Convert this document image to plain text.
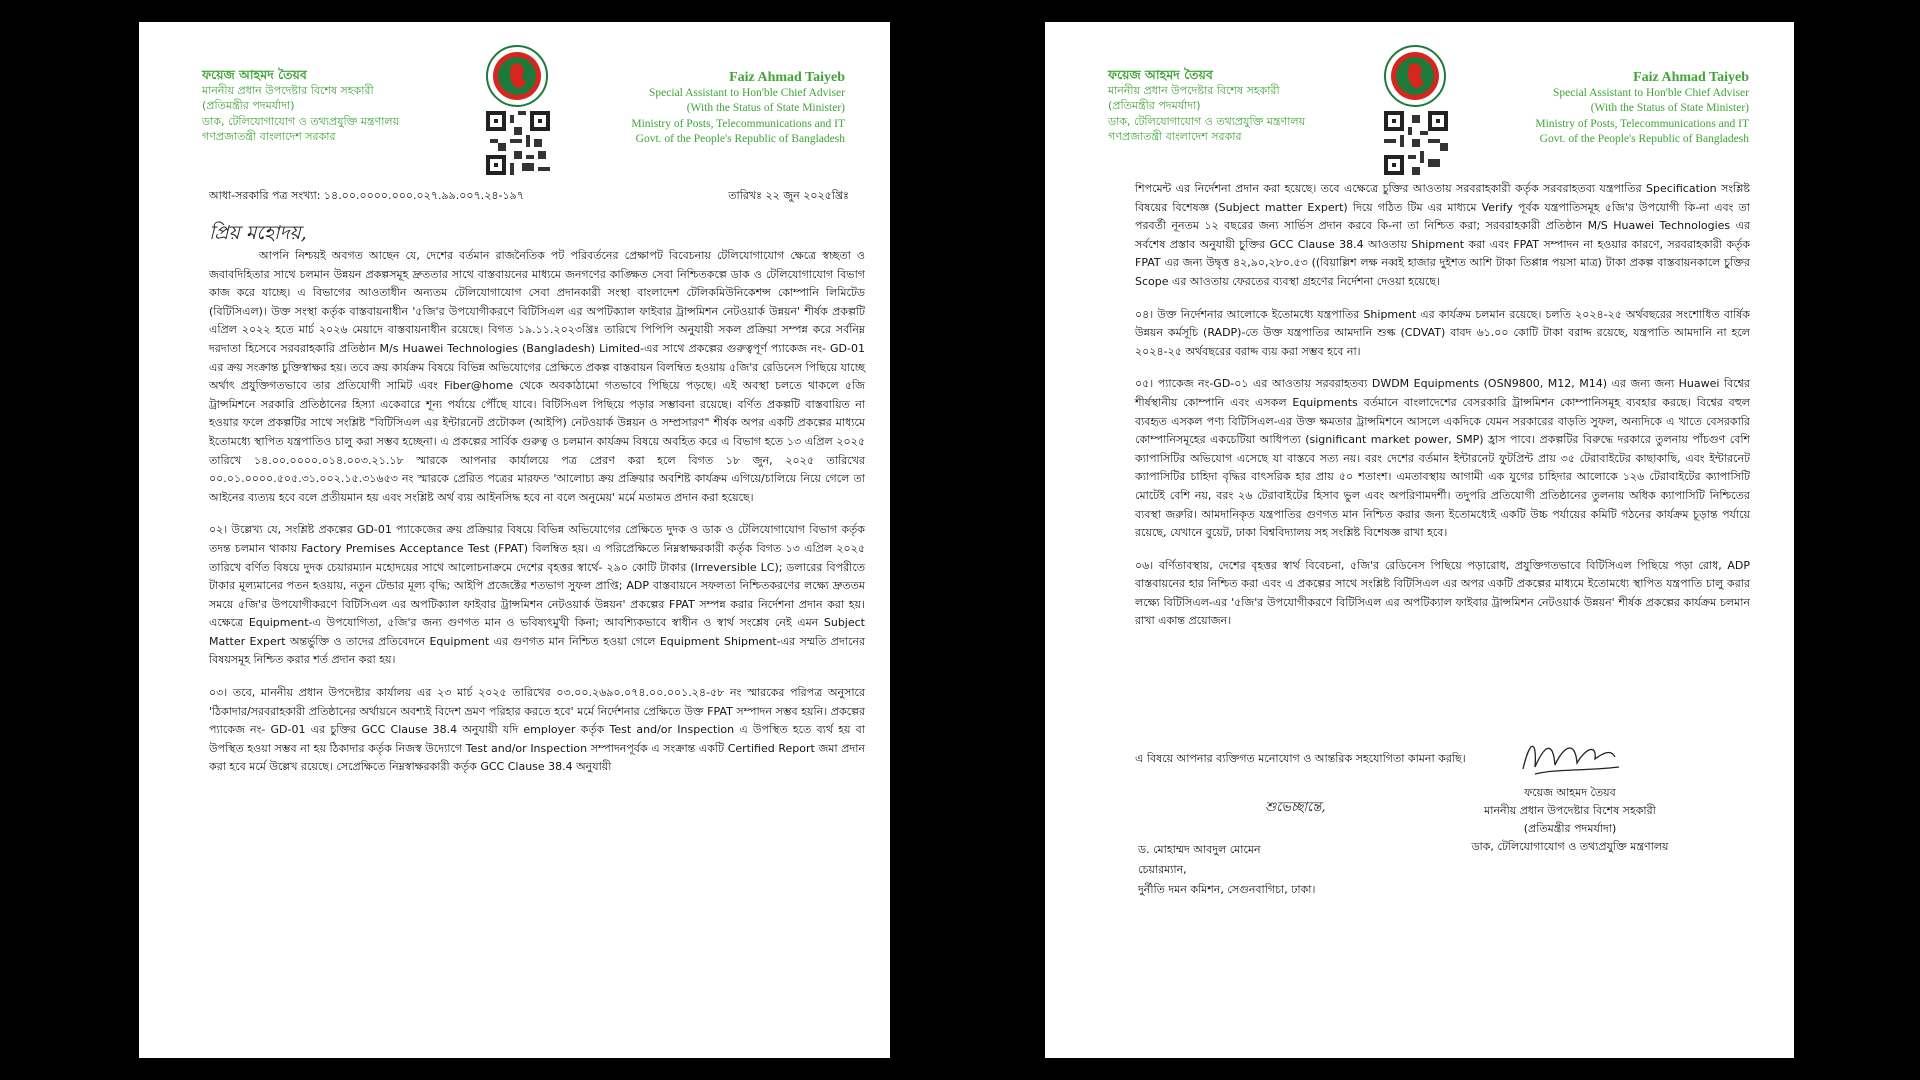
ফয়েজ আহমদ তৈয়ব
মাননীয় প্রধান উপদেষ্টার বিশেষ সহকারী
(প্রতিমন্ত্রীর পদমর্যাদা)
ডাক, টেলিযোগাযোগ ও তথ্যপ্রযুক্তি মন্ত্রণালয়
গণপ্রজাতন্ত্রী বাংলাদেশ সরকার
Faiz Ahmad Taiyeb
Special Assistant to Hon'ble Chief Adviser
(With the Status of State Minister)
Ministry of Posts, Telecommunications and IT
Govt. of the People's Republic of Bangladesh
আধা-সরকারি পত্র সংখ্যা: ১৪.০০.০০০০.০০০.০২৭.৯৯.০০৭.২৪-১৯৭	তারিখঃ ২২ জুন ২০২৫খ্রিঃ
প্রিয় মহোদয়,

আপনি নিশ্চয়ই অবগত আছেন যে, দেশের বর্তমান রাজনৈতিক পট পরিবর্তনের প্রেক্ষাপট বিবেচনায় টেলিযোগাযোগ ক্ষেত্রে স্বচ্ছতা ও জবাবদিহিতার সাথে চলমান উন্নয়ন প্রকল্পসমূহ দ্রুততার সাথে বাস্তবায়নের মাধ্যমে জনগণের কাঙ্ক্ষিত সেবা নিশ্চিতকল্পে ডাক ও টেলিযোগাযোগ বিভাগ কাজ করে যাচ্ছে। এ বিভাগের আওতাধীন অন্যতম টেলিযোগাযোগ সেবা প্রদানকারী সংস্থা বাংলাদেশ টেলিকমিউনিকেশন্স কোম্পানি লিমিটেড (বিটিসিএল)। উক্ত সংস্থা কর্তৃক বাস্তবায়নাধীন '৫জি'র উপযোগীকরণে বিটিসিএল এর অপটিক্যাল ফাইবার ট্রান্সমিশন নেটওয়ার্ক উন্নয়ন' শীর্ষক প্রকল্পটি এপ্রিল ২০২২ হতে মার্চ ২০২৬ মেয়াদে বাস্তবায়নাধীন রয়েছে। বিগত ১৯.১১.২০২৩খ্রিঃ তারিখে পিপিপি অনুযায়ী সকল প্রক্রিয়া সম্পন্ন করে সর্বনিম্ন দরদাতা হিসেবে সরবরাহকারি প্রতিষ্ঠান M/s Huawei Technologies (Bangladesh) Limited-এর সাথে প্রকল্পের গুরুত্বপূর্ণ প্যাকেজ নং- GD-01 এর ক্রয় সংক্রান্ত চুক্তিস্বাক্ষর হয়। তবে ক্রয় কার্যক্রম বিষয়ে বিভিন্ন অভিযোগের প্রেক্ষিতে প্রকল্প বাস্তবায়ন বিলম্বিত হওয়ায় ৫জি'র রেডিনেস পিছিয়ে যাচ্ছে অর্থাৎ প্রযুক্তিগতভাবে তার প্রতিযোগী সামিট এবং Fiber@home থেকে অবকাঠামো গতভাবে পিছিয়ে পড়ছে। এই অবস্থা চলতে থাকলে ৫জি ট্রান্সমিশনে সরকারি প্রতিষ্ঠানের হিস্যা একেবারে শূন্য পর্যায়ে পৌঁছে যাবে। বিটিসিএল পিছিয়ে পড়ার সম্ভাবনা রয়েছে। বর্ণিত প্রকল্পটি বাস্তবায়িত না হওয়ার ফলে প্রকল্পটির সাথে সংশ্লিষ্ট "বিটিসিএল এর ইন্টারনেট প্রটোকল (আইপি) নেটওয়ার্ক উন্নয়ন ও সম্প্রসারণ" শীর্ষক অপর একটি প্রকল্পের মাধ্যমে ইতোমধ্যে স্থাপিত যন্ত্রপাতিও চালু করা সম্ভব হচ্ছেনা। এ প্রকল্পের সার্বিক গুরুত্ব ও চলমান কার্যক্রম বিষয়ে অবহিত করে এ বিভাগ হতে ১৩ এপ্রিল ২০২৫ তারিখে ১৪.০০.০০০০.০১৪.০০৩.২১.১৮ স্মারকে আপনার কার্যালয়ে পত্র প্রেরণ করা হলে বিগত ১৮ জুন, ২০২৫ তারিখের ০০.০১.০০০০.৫০৫.৩১.০০২.১৫.৩১৬৫৩ নং স্মারকে প্রেরিত পত্রের মারফত 'আলোচ্য ক্রয় প্রক্রিয়ার অবশিষ্ট কার্যক্রম এগিয়ে/চালিয়ে নিয়ে গেলে তা আইনের ব্যত্যয় হবে বলে প্রতীয়মান হয় এবং সংশ্লিষ্ট অর্থ ব্যয় আইনসিদ্ধ হবে না বলে অনুমেয়' মর্মে মতামত প্রদান করা হয়েছে।

০২। উল্লেখ্য যে, সংশ্লিষ্ট প্রকল্পের GD-01 প্যাকেজের ক্রয় প্রক্রিয়ার বিষয়ে বিভিন্ন অভিযোগের প্রেক্ষিতে দুদক ও ডাক ও টেলিযোগাযোগ বিভাগ কর্তৃক তদন্ত চলমান থাকায় Factory Premises Acceptance Test (FPAT) বিলম্বিত হয়। এ পরিপ্রেক্ষিতে নিম্নস্বাক্ষরকারী কর্তৃক বিগত ১৩ এপ্রিল ২০২৫ তারিখে বর্ণিত বিষয়ে দুদক চেয়ারম্যান মহোদয়ের সাথে আলোচনাক্রমে দেশের বৃহত্তর স্বার্থে- ২৯০ কোটি টাকার (Irreversible LC); ডলারের বিপরীতে টাকার মূল্যমানের পতন হওয়ায়, নতুন টেন্ডার মূল্য বৃদ্ধি; আইপি প্রজেক্টের শতভাগ সুফল প্রাপ্তি; ADP বাস্তবায়নে সফলতা নিশ্চিতকরণের লক্ষ্যে দ্রুততম সময়ে ৫জি'র উপযোগীকরণে বিটিসিএল এর অপটিক্যাল ফাইবার ট্রান্সমিশন নেটওয়ার্ক উন্নয়ন' প্রকল্পের FPAT সম্পন্ন করার নির্দেশনা প্রদান করা হয়। এক্ষেত্রে Equipment-এ উপযোগিতা, ৫জি'র জন্য গুণগত মান ও ভবিষ্যৎমুখী কিনা; আবশ্যিকভাবে স্বাধীন ও স্বার্থ সংশ্লেষ নেই এমন Subject Matter Expert অন্তর্ভুক্তি ও তাদের প্রতিবেদনে Equipment এর গুণগত মান নিশ্চিত হওয়া গেলে Equipment Shipment-এর সম্মতি প্রদানের বিষয়সমূহ নিশ্চিত করার শর্ত প্রদান করা হয়।

০৩। তবে, মাননীয় প্রধান উপদেষ্টার কার্যালয় এর ২৩ মার্চ ২০২৫ তারিখের ০৩.০০.২৬৯০.০৭৪.০০.০০১.২৪-৫৮ নং স্মারকের পরিপত্র অনুসারে 'ঠিকাদার/সরবরাহকারী প্রতিষ্ঠানের অর্থায়নে অবশ্যই বিদেশ ভ্রমণ পরিহার করতে হবে' মর্মে নির্দেশনার প্রেক্ষিতে উক্ত FPAT সম্পাদন সম্ভব হয়নি। প্রকল্পের প্যাকেজ নং- GD-01 এর চুক্তির GCC Clause 38.4 অনুযায়ী যদি employer কর্তৃক Test and/or Inspection এ উপস্থিত হতে ব্যর্থ হয় বা উপস্থিত হওয়া সম্ভব না হয় ঠিকাদার কর্তৃক নিজস্ব উদ্যোগে Test and/or Inspection সম্পাদনপূর্বক এ সংক্রান্ত একটি Certified Report জমা প্রদান করা হবে মর্মে উল্লেখ রয়েছে। সেপ্রেক্ষিতে নিম্নস্বাক্ষরকারী কর্তৃক GCC Clause 38.4 অনুযায়ী

ফয়েজ আহমদ তৈয়ব
মাননীয় প্রধান উপদেষ্টার বিশেষ সহকারী
(প্রতিমন্ত্রীর পদমর্যাদা)
ডাক, টেলিযোগাযোগ ও তথ্যপ্রযুক্তি মন্ত্রণালয়
গণপ্রজাতন্ত্রী বাংলাদেশ সরকার
Faiz Ahmad Taiyeb
Special Assistant to Hon'ble Chief Adviser
(With the Status of State Minister)
Ministry of Posts, Telecommunications and IT
Govt. of the People's Republic of Bangladesh

শিপমেন্ট এর নির্দেশনা প্রদান করা হয়েছে। তবে এক্ষেত্রে চুক্তির আওতায় সরবরাহকারী কর্তৃক সরবরাহতব্য যন্ত্রপাতির Specification সংশ্লিষ্ট বিষয়ের বিশেষজ্ঞ (Subject matter Expert) দিয়ে গঠিত টিম এর মাধ্যমে Verify পূর্বক যন্ত্রপাতিসমূহ ৫জি'র উপযোগী কি-না এবং তা পরবর্তী নূনতম ১২ বছরের জন্য সার্ভিস প্রদান করবে কি-না তা নিশ্চিত করা; সরবরাহকারী প্রতিষ্ঠান M/S Huawei Technologies এর সর্বশেষ প্রস্তাব অনুযায়ী চুক্তির GCC Clause 38.4 আওতায় Shipment করা এবং FPAT সম্পাদন না হওয়ার কারণে, সরবরাহকারী কর্তৃক FPAT এর জন্য উদ্বৃত্ত ৪২,৯০,২৮০.৫৩ ((বিয়াল্লিশ লক্ষ নব্বই হাজার দুইশত আশি টাকা তিপ্পান্ন পয়সা মাত্র) টাকা প্রকল্প বাস্তবায়নকালে চুক্তির Scope এর আওতায় ফেরতের ব্যবস্থা গ্রহণের নির্দেশনা দেওয়া হয়েছে।

০৪। উক্ত নির্দেশনার আলোকে ইতোমধ্যে যন্ত্রপাতির Shipment এর কার্যক্রম চলমান রয়েছে। চলতি ২০২৪-২৫ অর্থবছরের সংশোধিত বার্ষিক উন্নয়ন কর্মসূচি (RADP)-তে উক্ত যন্ত্রপাতির আমদানি শুল্ক (CDVAT) বাবদ ৬১.০০ কোটি টাকা বরাদ্দ রয়েছে, যন্ত্রপাতি আমদানি না হলে ২০২৪-২৫ অর্থবছরের বরাদ্দ ব্যয় করা সম্ভব হবে না।

০৫। প্যাকেজ নং-GD-০১ এর আওতায় সরবরাহতব্য DWDM Equipments (OSN9800, M12, M14) এর জন্য জন্য Huawei বিশ্বের শীর্ষস্থানীয় কোম্পানি এবং এসকল Equipments বর্তমানে বাংলাদেশের বেসরকারি ট্রান্সমিশন কোম্পানিসমূহ ব্যবহার করছে। বিশ্বের বহুল ব্যবহৃত এসকল পণ্য বিটিসিএল-এর উক্ত ক্ষমতার ট্রান্সমিশনে আসলে একদিকে যেমন সরকারের বাড়তি সুফল, অন্যদিকে এ খাতে বেসরকারি কোম্পানিসমূহের একচেটিয়া আধিপত্য (significant market power, SMP) হ্রাস পাবে। প্রকল্পটির বিরুদ্ধে দরকারে তুলনায় পাঁচগুণ বেশি ক্যাপাসিটির অভিযোগ এসেছে যা বাস্তবে সত্য নয়। বরং দেশের বর্তমান ইন্টারনেট ফুটপ্রিন্ট প্রায় ৩৫ টেরাবাইটের কাছাকাছি, এবং ইন্টারনেট ক্যাপাসিটির চাহিদা বৃদ্ধির বাৎসরিক হার প্রায় ৫০ শতাংশ। এমতাবস্থায় আগামী এক যুগের চাহিদার আলোকে ১২৬ টেরাবাইটের ক্যাপাসিটি মোটেই বেশি নয়, বরং ২৬ টেরাবাইটের হিসাব ভুল এবং অপরিণামদর্শী। তদুপরি প্রতিযোগী প্রতিষ্ঠানের তুলনায় অধিক ক্যাপাসিটি নিশ্চিতের ব্যবস্থা জরুরি। আমদানিকৃত যন্ত্রপাতির গুণগত মান নিশ্চিত করার জন্য ইতোমধ্যেই একটি উচ্চ পর্যায়ের কমিটি গঠনের কার্যক্রম চূড়ান্ত পর্যায়ে রয়েছে, যেখানে বুয়েট, ঢাকা বিশ্ববিদ্যালয় সহ সংশ্লিষ্ট বিশেষজ্ঞ রাখা হবে।

০৬। বর্ণিতাবস্থায়, দেশের বৃহত্তর স্বার্থ বিবেচনা, ৫জি'র রেডিনেস পিছিয়ে পড়ারোধ, প্রযুক্তিগতভাবে বিটিসিএল পিছিয়ে পড়া রোধ, ADP বাস্তবায়নের হার নিশ্চিত করা এবং এ প্রকল্পের সাথে সংশ্লিষ্ট বিটিসিএল এর অপর একটি প্রকল্পের মাধ্যমে ইতোমধ্যে স্থাপিত যন্ত্রপাতি চালু করার লক্ষ্যে বিটিসিএল-এর '৫জি'র উপযোগীকরণে বিটিসিএল এর অপটিক্যাল ফাইবার ট্রান্সমিশন নেটওয়ার্ক উন্নয়ন' শীর্ষক প্রকল্পের কার্যক্রম চলমান রাখা একান্ত প্রয়োজন।

এ বিষয়ে আপনার ব্যক্তিগত মনোযোগ ও আন্তরিক সহযোগিতা কামনা করছি।
শুভেচ্ছান্তে,
ফয়েজ আহমদ তৈয়ব
মাননীয় প্রধান উপদেষ্টার বিশেষ সহকারী
(প্রতিমন্ত্রীর পদমর্যাদা)
ডাক, টেলিযোগাযোগ ও তথ্যপ্রযুক্তি মন্ত্রণালয়
ড. মোহাম্মদ আবদুল মোমেন
চেয়ারম্যান,
দুর্নীতি দমন কমিশন, সেগুনবাগিচা, ঢাকা।
